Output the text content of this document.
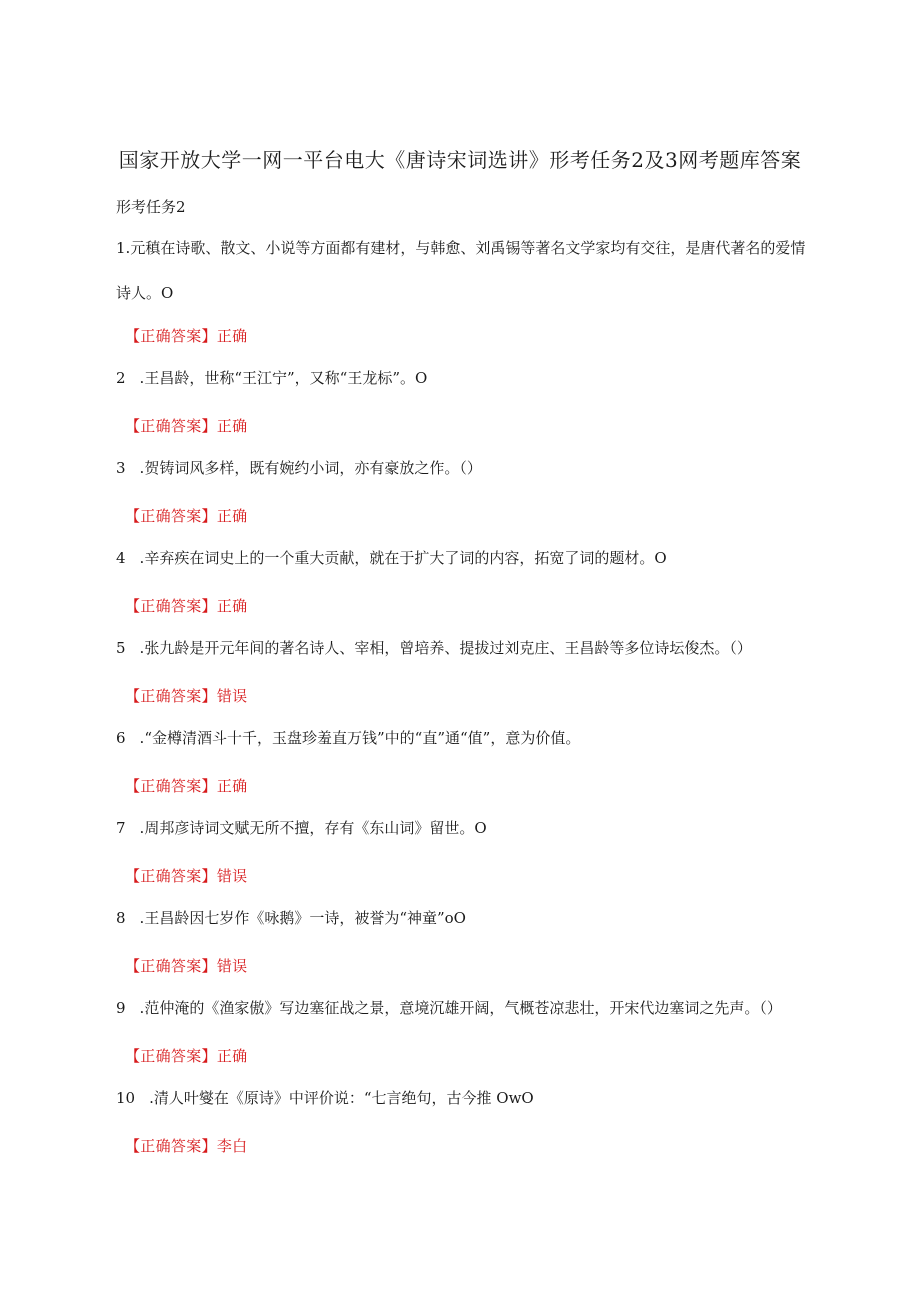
国家开放大学一网一平台电大《唐诗宋词选讲》形考任务2及3网考题库答案
形考任务2
1.元稹在诗歌、散文、小说等方面都有建材，与韩愈、刘禹锡等著名文学家均有交往，是唐代著名的爱情诗人。O
【正确答案】正确
2 .王昌龄，世称“王江宁”，又称“王龙标”。O
【正确答案】正确
3 .贺铸词风多样，既有婉约小词，亦有豪放之作。（）
【正确答案】正确
4 .辛弃疾在词史上的一个重大贡献，就在于扩大了词的内容，拓宽了词的题材。O
【正确答案】正确
5 .张九龄是开元年间的著名诗人、宰相，曾培养、提拔过刘克庄、王昌龄等多位诗坛俊杰。（）
【正确答案】错误
6 .“金樽清酒斗十千，玉盘珍羞直万钱”中的“直”通“值”，意为价值。
【正确答案】正确
7 .周邦彦诗词文赋无所不擅，存有《东山词》留世。O
【正确答案】错误
8 .王昌龄因七岁作《咏鹅》一诗，被誉为“神童”oO
【正确答案】错误
9 .范仲淹的《渔家傲》写边塞征战之景，意境沉雄开阔，气概苍凉悲壮，开宋代边塞词之先声。（）
【正确答案】正确
10 .清人叶燮在《原诗》中评价说：“七言绝句，古今推 OwO
【正确答案】李白
